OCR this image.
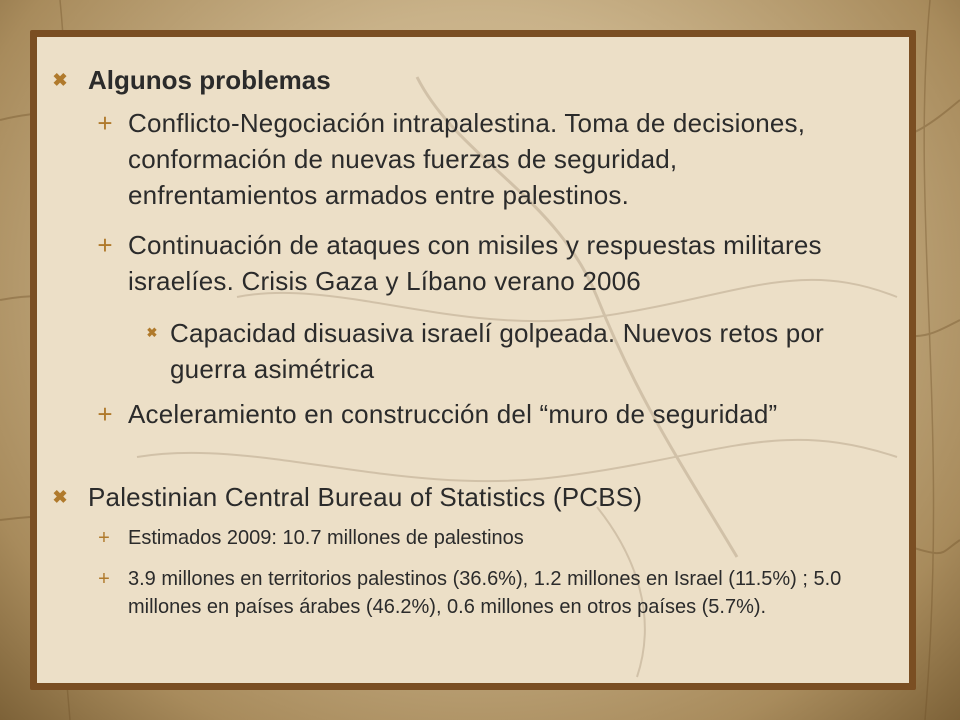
✖ Algunos problemas
+ Conflicto-Negociación intrapalestina. Toma de decisiones, conformación de nuevas fuerzas de seguridad, enfrentamientos armados entre palestinos.
+ Continuación de ataques con misiles y respuestas militares israelíes. Crisis Gaza y Líbano verano 2006
✖ Capacidad disuasiva israelí golpeada. Nuevos retos por guerra asimétrica
+ Aceleramiento en construcción del “muro de seguridad”
✖ Palestinian Central Bureau of Statistics (PCBS)
+ Estimados 2009: 10.7 millones de palestinos
+ 3.9 millones en territorios palestinos (36.6%), 1.2 millones en Israel (11.5%) ; 5.0 millones en países árabes (46.2%), 0.6 millones en otros países (5.7%).
